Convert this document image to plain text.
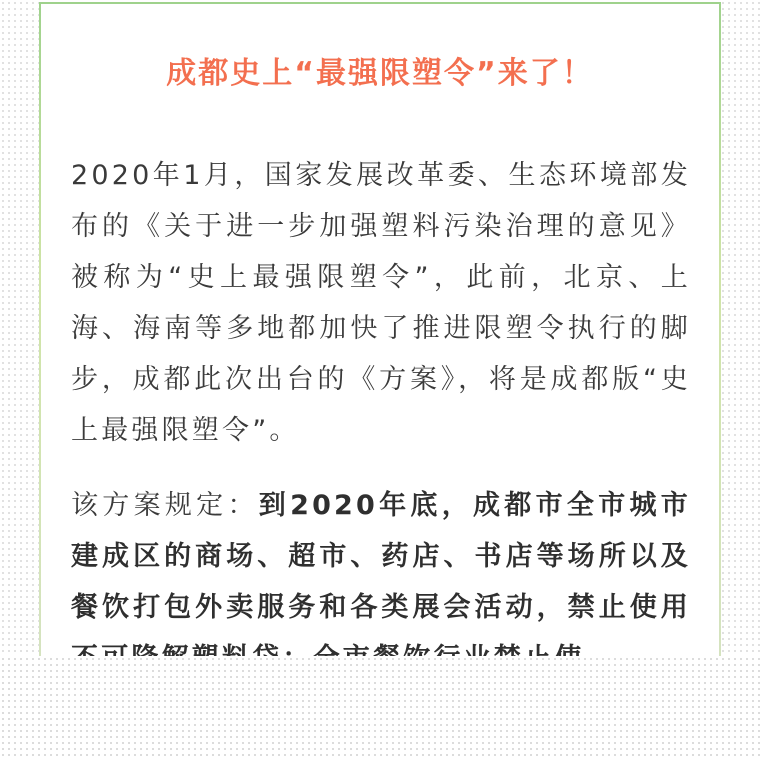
成都史上“最强限塑令”来了！
2020年1月，国家发展改革委、生态环境部发布的《关于进一步加强塑料污染治理的意见》被称为“史上最强限塑令”，此前，北京、上海、海南等多地都加快了推进限塑令执行的脚步，成都此次出台的《方案》，将是成都版“史上最强限塑令”。
该方案规定：到2020年底，成都市全市城市建成区的商场、超市、药店、书店等场所以及餐饮打包外卖服务和各类展会活动，禁止使用
